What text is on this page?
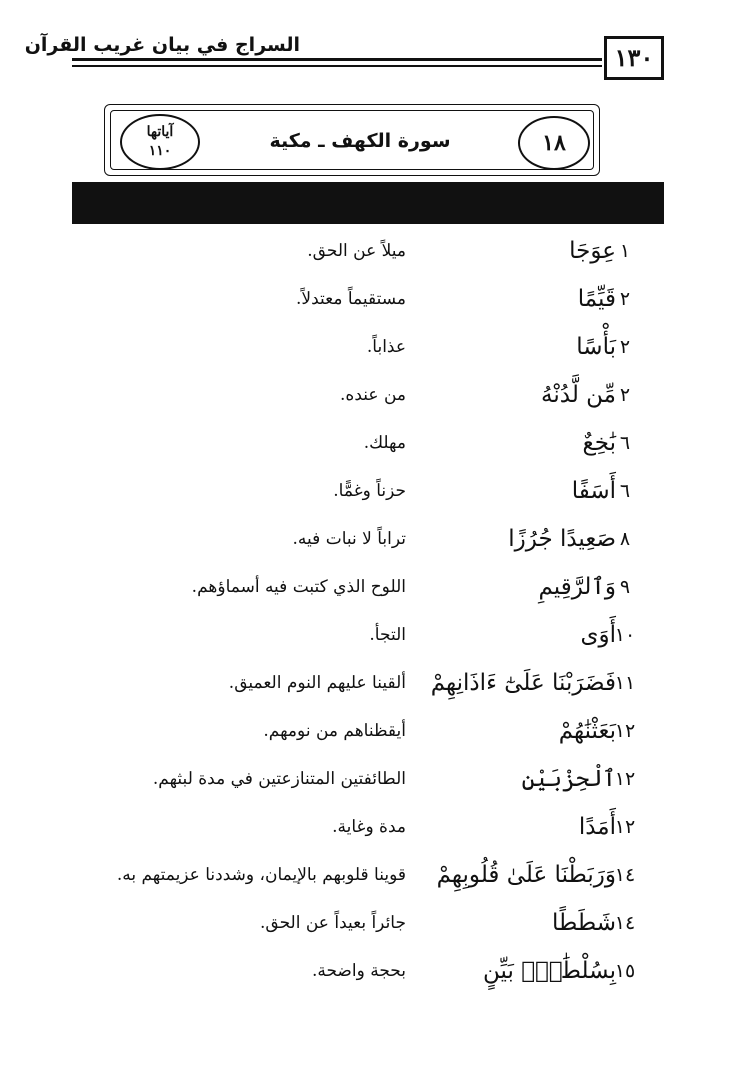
السراج في بيان غريب القرآن	١٣٠
١٨
سورة الكهف ـ مكية
آياتها
١١٠
١
عِوَجَا
ميلاً عن الحق.
٢
قَيِّمًا
مستقيماً معتدلاً.
٢
بَأْسًا
عذاباً.
٢
مِّن لَّدُنْهُ
من عنده.
٦
بَٰخِعٌ
مهلك.
٦
أَسَفًا
حزناً وغمًّا.
٨
صَعِيدًا جُرُزًا
تراباً لا نبات فيه.
٩
وَٱلرَّقِيمِ
اللوح الذي كتبت فيه أسماؤهم.
١٠
أَوَى
التجأ.
١١
فَضَرَبْنَا عَلَىٰٓ ءَاذَانِهِمْ
ألقينا عليهم النوم العميق.
١٢
بَعَثْنَٰهُمْ
أيقظناهم من نومهم.
١٢
ٱلْحِزْبَيْنِ
الطائفتين المتنازعتين في مدة لبثهم.
١٢
أَمَدًا
مدة وغاية.
١٤
وَرَبَطْنَا عَلَىٰ قُلُوبِهِمْ
قوينا قلوبهم بالإيمان، وشددنا عزيمتهم به.
١٤
شَطَطًا
جائراً بعيداً عن الحق.
١٥
بِسُلْطَٰنٍۭ بَيِّنٍ
بحجة واضحة.
